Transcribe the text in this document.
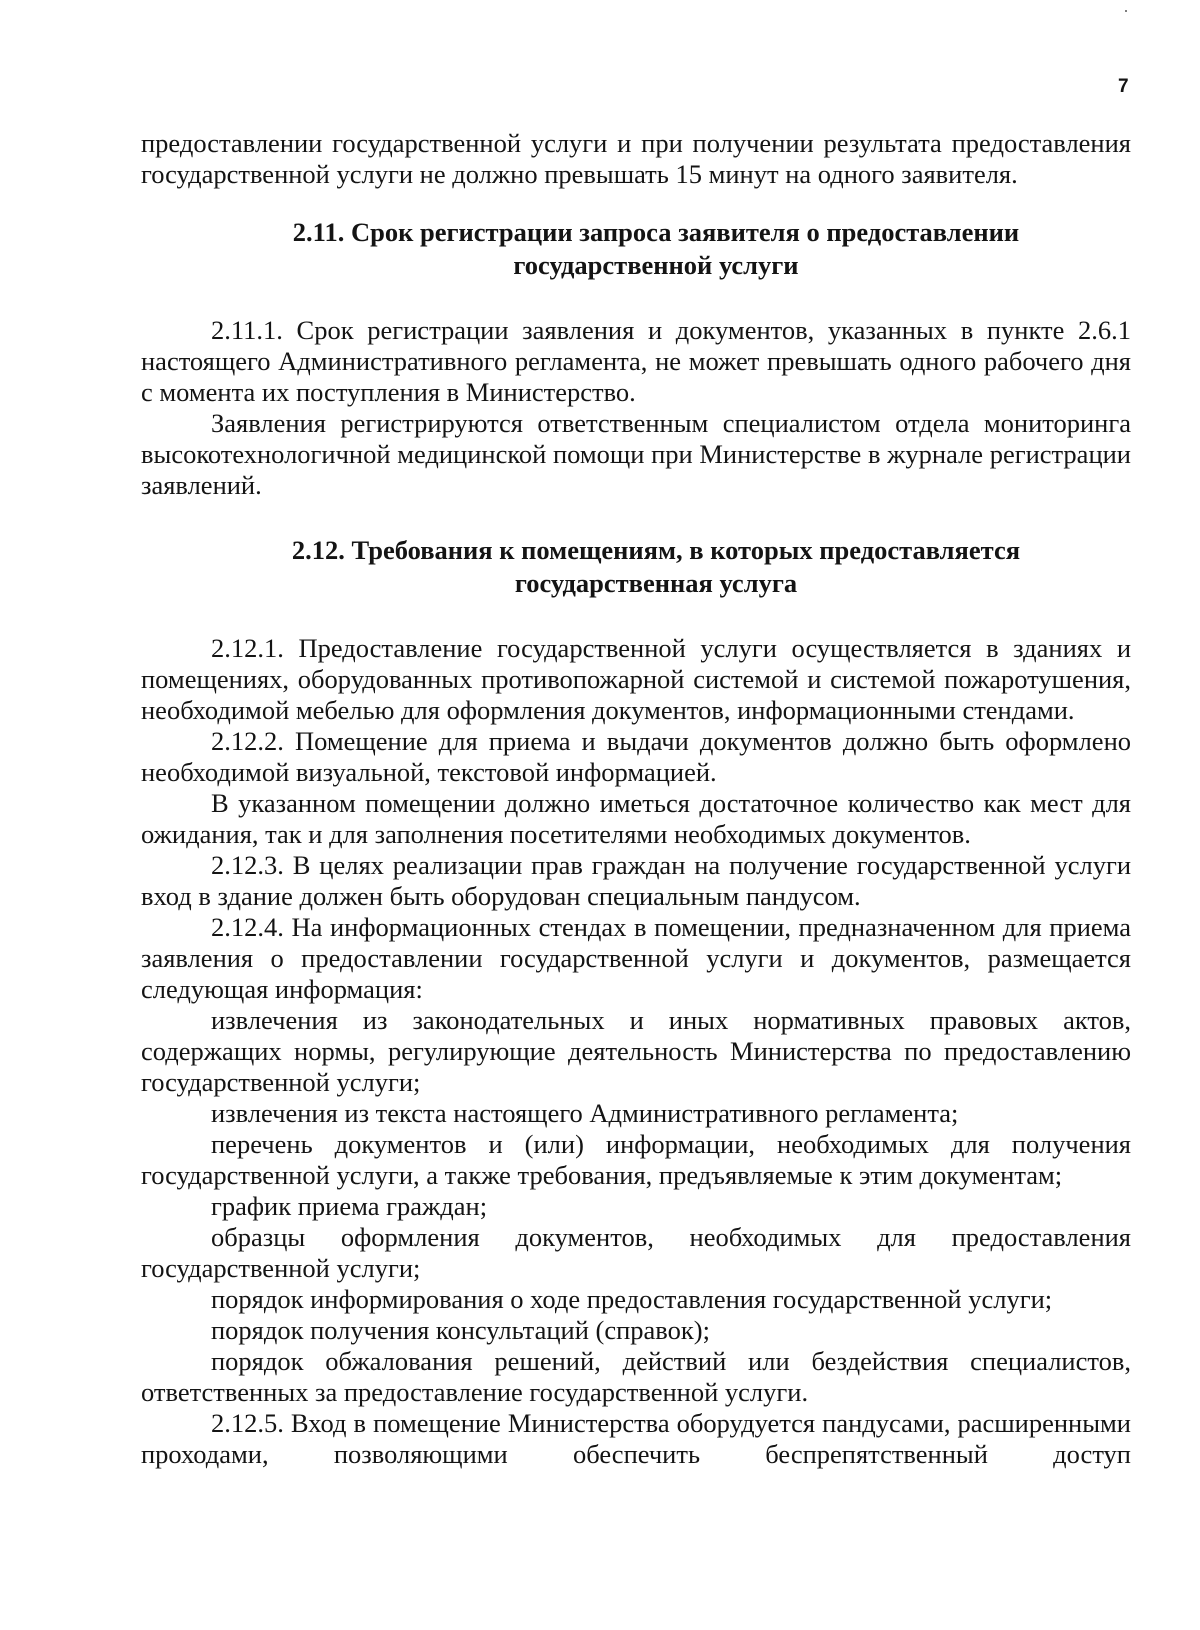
7

предоставлении государственной услуги и при получении результата предоставления государственной услуги не должно превышать 15 минут на одного заявителя.

2.11. Срок регистрации запроса заявителя о предоставлении
государственной услуги

2.11.1. Срок регистрации заявления и документов, указанных в пункте 2.6.1 настоящего Административного регламента, не может превышать одного рабочего дня с момента их поступления в Министерство.

Заявления регистрируются ответственным специалистом отдела мониторинга высокотехнологичной медицинской помощи при Министерстве в журнале регистрации заявлений.

2.12. Требования к помещениям, в которых предоставляется
государственная услуга

2.12.1. Предоставление государственной услуги осуществляется в зданиях и помещениях, оборудованных противопожарной системой и системой пожаротушения, необходимой мебелью для оформления документов, информационными стендами.

2.12.2. Помещение для приема и выдачи документов должно быть оформлено необходимой визуальной, текстовой информацией.

В указанном помещении должно иметься достаточное количество как мест для ожидания, так и для заполнения посетителями необходимых документов.

2.12.3. В целях реализации прав граждан на получение государственной услуги вход в здание должен быть оборудован специальным пандусом.

2.12.4. На информационных стендах в помещении, предназначенном для приема заявления о предоставлении государственной услуги и документов, размещается следующая информация:

извлечения из законодательных и иных нормативных правовых актов, содержащих нормы, регулирующие деятельность Министерства по предоставлению государственной услуги;

извлечения из текста настоящего Административного регламента;

перечень документов и (или) информации, необходимых для получения государственной услуги, а также требования, предъявляемые к этим документам;

график приема граждан;

образцы оформления документов, необходимых для предоставления государственной услуги;

порядок информирования о ходе предоставления государственной услуги;

порядок получения консультаций (справок);

порядок обжалования решений, действий или бездействия специалистов, ответственных за предоставление государственной услуги.

2.12.5. Вход в помещение Министерства оборудуется пандусами, расширенными проходами, позволяющими обеспечить беспрепятственный доступ
